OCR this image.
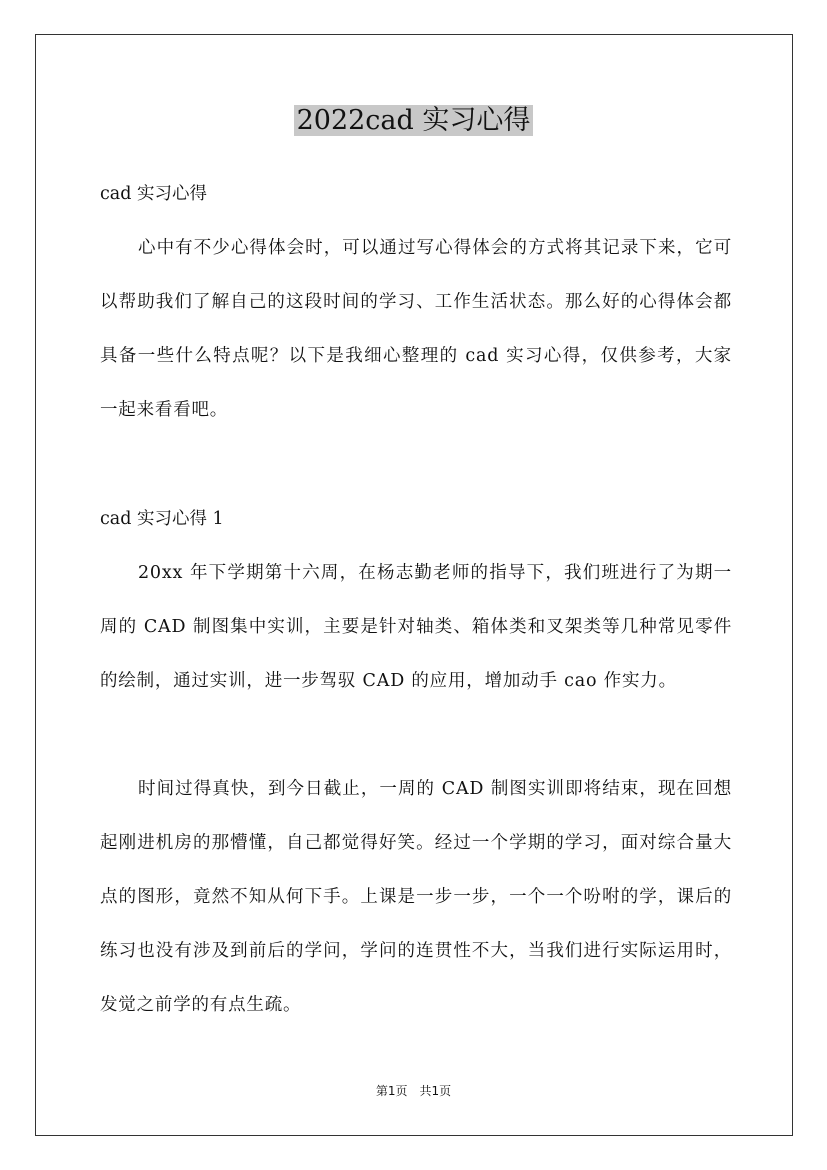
2022cad 实习心得

cad 实习心得

心中有不少心得体会时，可以通过写心得体会的方式将其记录下来，它可以帮助我们了解自己的这段时间的学习、工作生活状态。那么好的心得体会都具备一些什么特点呢？以下是我细心整理的 cad 实习心得，仅供参考，大家一起来看看吧。

cad 实习心得 1

20xx 年下学期第十六周，在杨志勤老师的指导下，我们班进行了为期一周的 CAD 制图集中实训，主要是针对轴类、箱体类和叉架类等几种常见零件的绘制，通过实训，进一步驾驭 CAD 的应用，增加动手 cao 作实力。

时间过得真快，到今日截止，一周的 CAD 制图实训即将结束，现在回想起刚进机房的那懵懂，自己都觉得好笑。经过一个学期的学习，面对综合量大点的图形，竟然不知从何下手。上课是一步一步，一个一个吩咐的学，课后的练习也没有涉及到前后的学问，学问的连贯性不大，当我们进行实际运用时，发觉之前学的有点生疏。

第1页　共1页
